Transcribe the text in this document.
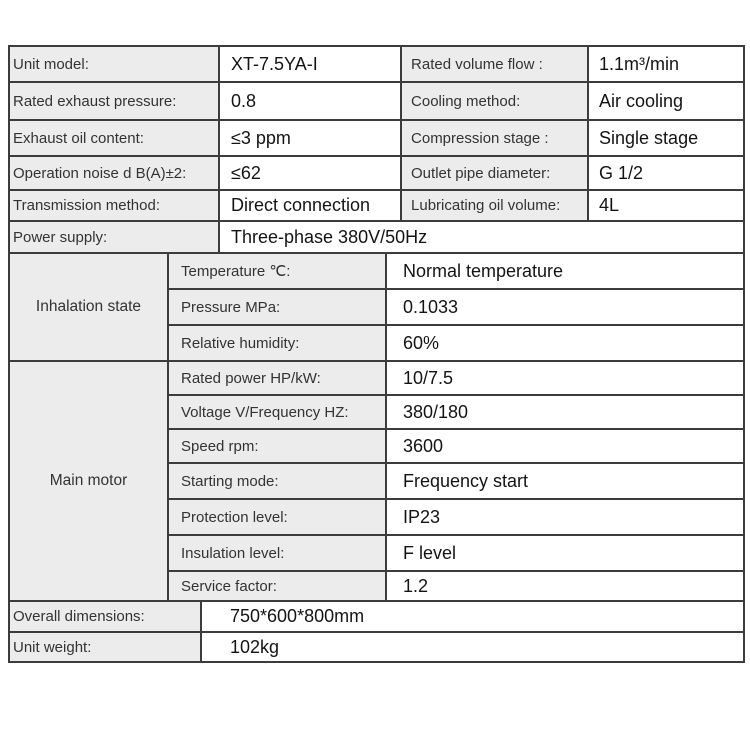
Unit model:			XT-7.5YA-I		Rated volume flow :	1.1m³/min
Rated exhaust pressure:			0.8		Cooling method:	Air cooling
Exhaust oil content:			≤3 ppm		Compression stage :	Single stage
Operation noise d B(A)±2:			≤62		Outlet pipe diameter:	G 1/2
Transmission method:			Direct connection		Lubricating oil volume:	4L
Power supply:			Three-phase 380V/50Hz			
Inhalation state	Temperature ℃:			Normal temperature		
	Pressure MPa:			0.1033		
	Relative humidity:			60%		
Main motor	Rated power HP/kW:			10/7.5		
	Voltage V/Frequency HZ:			380/180		
	Speed rpm:			3600		
	Starting mode:			Frequency start		
	Protection level:			IP23		
	Insulation level:			F level		
	Service factor:			1.2		
Overall dimensions:		750*600*800mm				
Unit weight:		102kg				
